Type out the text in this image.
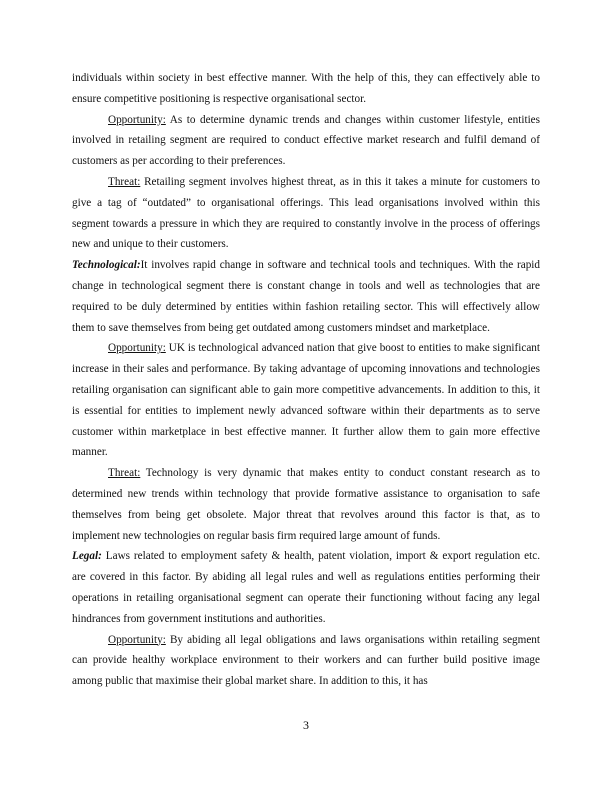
individuals within society in best effective manner. With the help of this, they can effectively able to ensure competitive positioning is respective organisational sector.

Opportunity: As to determine dynamic trends and changes within customer lifestyle, entities involved in retailing segment are required to conduct effective market research and fulfil demand of customers as per according to their preferences.

Threat: Retailing segment involves highest threat, as in this it takes a minute for customers to give a tag of “outdated” to organisational offerings. This lead organisations involved within this segment towards a pressure in which they are required to constantly involve in the process of offerings new and unique to their customers.

Technological:It involves rapid change in software and technical tools and techniques. With the rapid change in technological segment there is constant change in tools and well as technologies that are required to be duly determined by entities within fashion retailing sector. This will effectively allow them to save themselves from being get outdated among customers mindset and marketplace.

Opportunity: UK is technological advanced nation that give boost to entities to make significant increase in their sales and performance. By taking advantage of upcoming innovations and technologies retailing organisation can significant able to gain more competitive advancements. In addition to this, it is essential for entities to implement newly advanced software within their departments as to serve customer within marketplace in best effective manner. It further allow them to gain more effective manner.

Threat: Technology is very dynamic that makes entity to conduct constant research as to determined new trends within technology that provide formative assistance to organisation to safe themselves from being get obsolete. Major threat that revolves around this factor is that, as to implement new technologies on regular basis firm required large amount of funds.

Legal: Laws related to employment safety & health, patent violation, import & export regulation etc. are covered in this factor. By abiding all legal rules and well as regulations entities performing their operations in retailing organisational segment can operate their functioning without facing any legal hindrances from government institutions and authorities.

Opportunity: By abiding all legal obligations and laws organisations within retailing segment can provide healthy workplace environment to their workers and can further build positive image among public that maximise their global market share. In addition to this, it has

3
